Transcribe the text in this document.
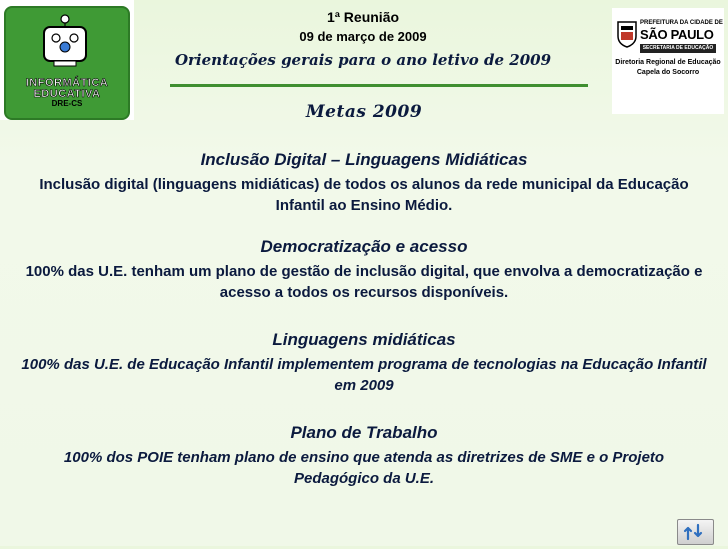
INFORMÁTICA
EDUCATIVA
DRE-CS
1ª Reunião
09 de março de 2009
Orientações gerais para o ano letivo de 2009
PREFEITURA DA CIDADE DE
SÃO PAULO
SECRETARIA DE EDUCAÇÃO
Diretoria Regional de Educação
Capela do Socorro
Metas 2009
Inclusão Digital – Linguagens Midiáticas
Inclusão digital (linguagens midiáticas) de todos os alunos da rede municipal da Educação Infantil ao Ensino Médio.
Democratização e acesso
100% das U.E. tenham um plano de gestão de inclusão digital, que envolva a democratização e acesso a todos os recursos disponíveis.
Linguagens midiáticas
100% das U.E. de Educação Infantil implementem programa de tecnologias na Educação Infantil em 2009
Plano de Trabalho
100% dos POIE tenham plano de ensino que atenda as diretrizes de SME e o Projeto Pedagógico da U.E.
